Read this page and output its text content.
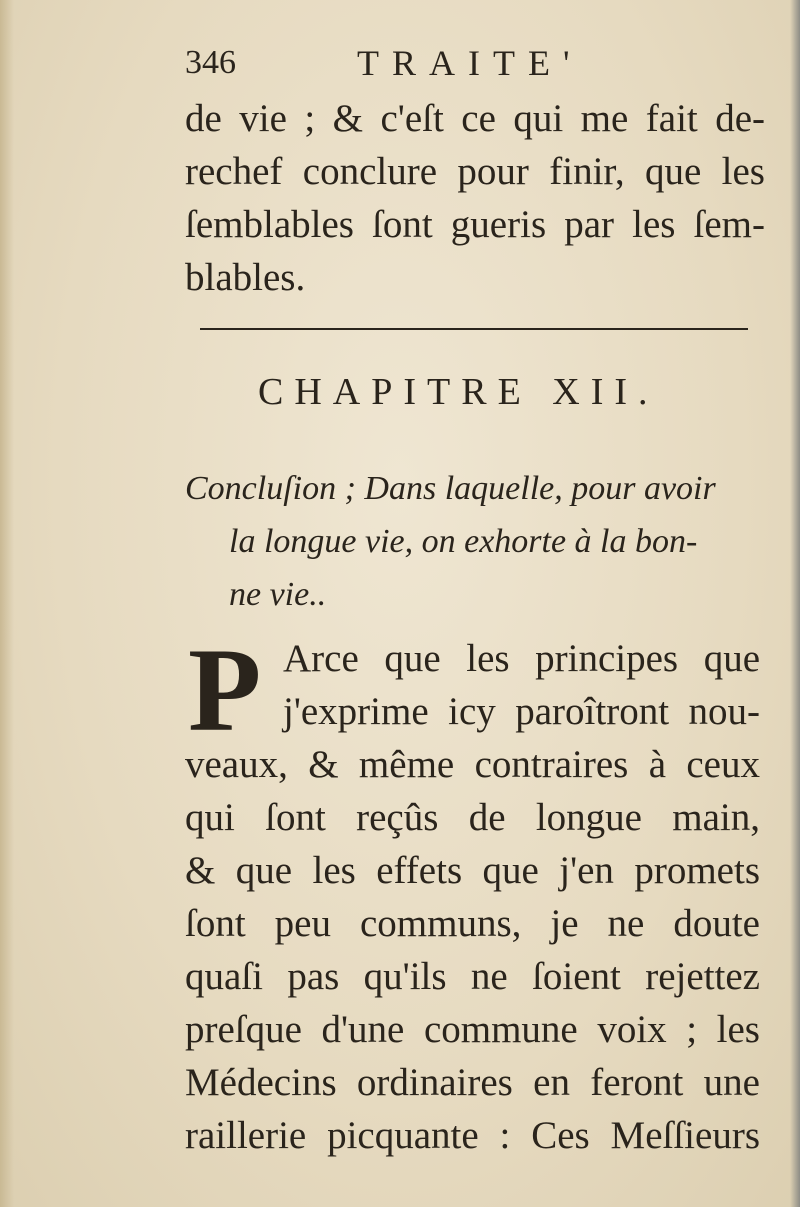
346	TRAITE'
de vie ; & c'eſt ce qui me fait de-
rechef conclure pour finir, que les
ſemblables ſont gueris par les ſem-
blables.
CHAPITRE XII.
Concluſion ; Dans laquelle, pour avoir
la longue vie, on exhorte à la bon-
ne vie..
P Arce que les principes que
j'exprime icy paroîtront nou-
veaux, & même contraires à ceux
qui ſont reçûs de longue main,
& que les effets que j'en promets
ſont peu communs, je ne doute
quaſi pas qu'ils ne ſoient rejettez
preſque d'une commune voix ; les
Médecins ordinaires en feront une
raillerie picquante : Ces Meſſieurs
